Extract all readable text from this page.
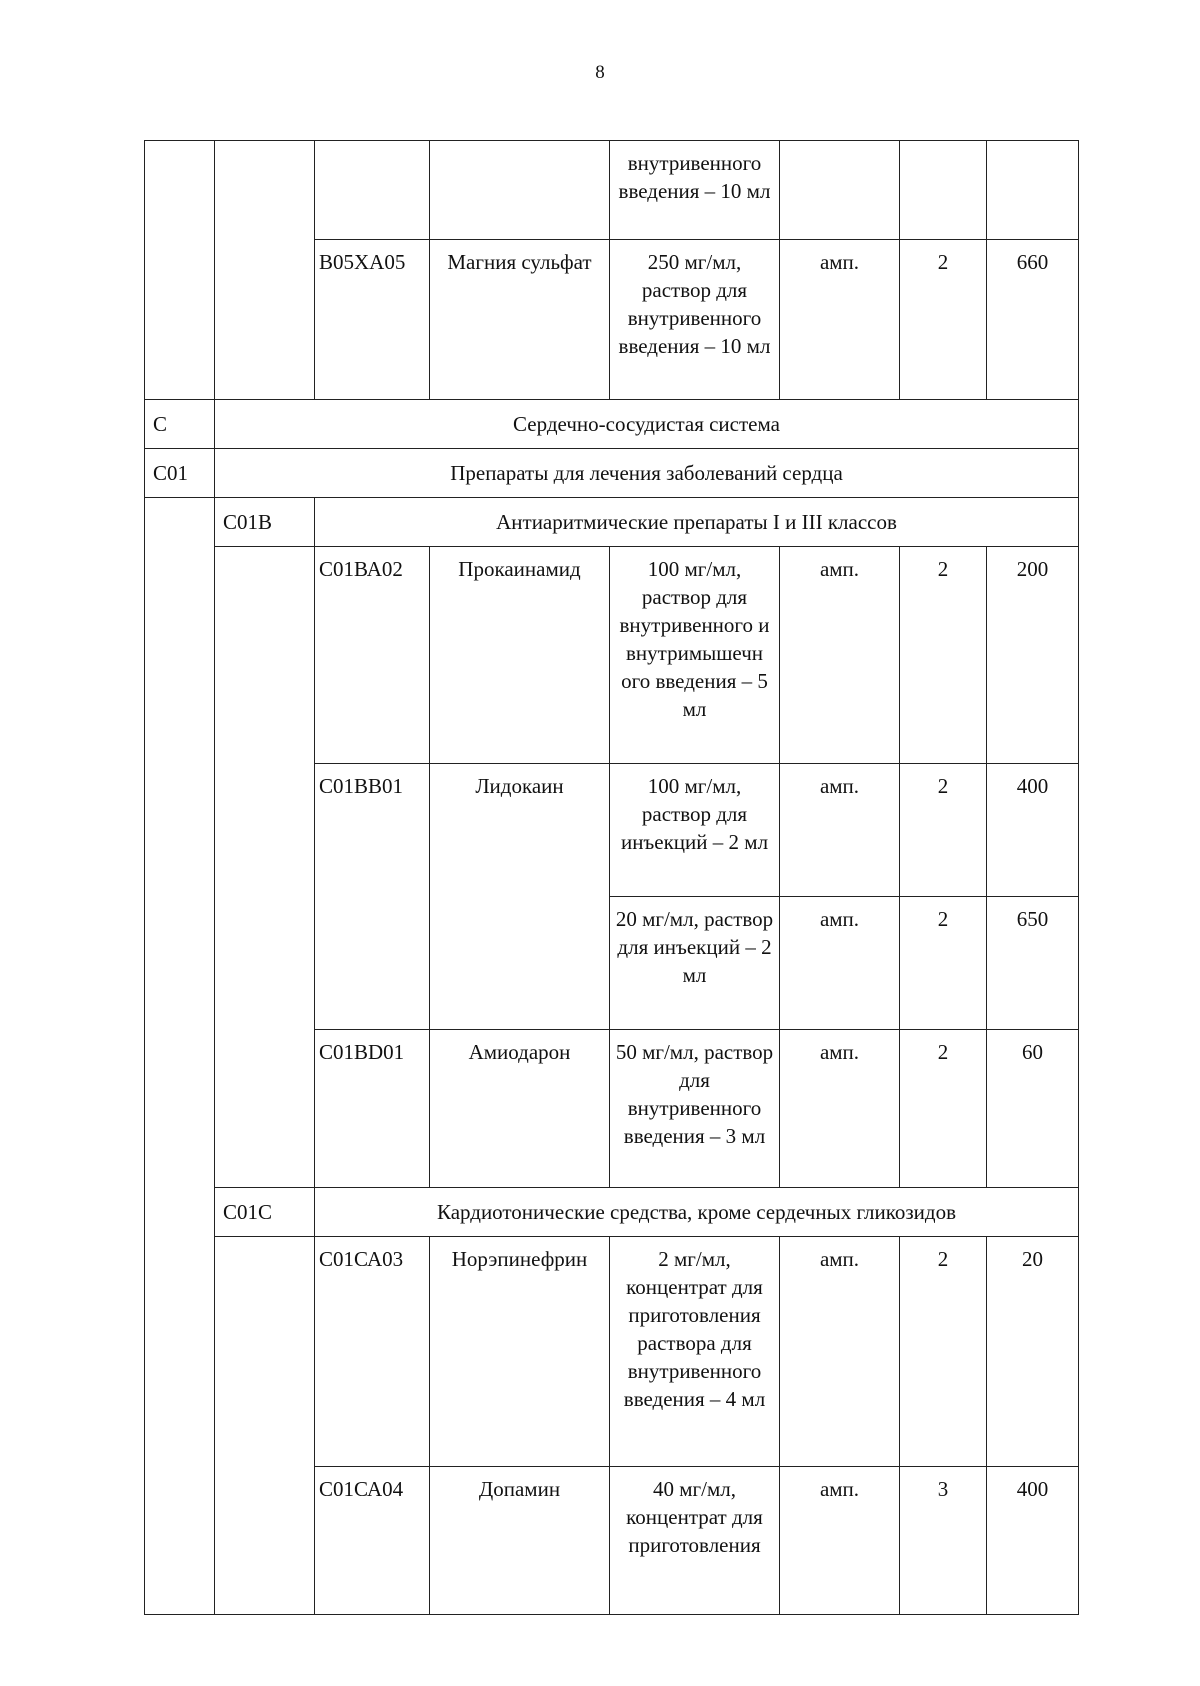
8
				внутривенного введения – 10 мл			
		B05XA05	Магния сульфат	250 мг/мл, раствор для внутривенного введения – 10 мл	амп.	2	660
С	Сердечно-сосудистая система						
С01	Препараты для лечения заболеваний сердца						
	С01В	Антиаритмические препараты I и III классов					
		С01ВА02	Прокаинамид	100 мг/мл, раствор для внутривенного и внутримышечн ого введения – 5 мл	амп.	2	200
		С01ВВ01	Лидокаин	100 мг/мл, раствор для инъекций – 2 мл	амп.	2	400
				20 мг/мл, раствор для инъекций – 2 мл	амп.	2	650
		С01ВD01	Амиодарон	50 мг/мл, раствор для внутривенного введения – 3 мл	амп.	2	60
	С01С	Кардиотонические средства, кроме сердечных гликозидов					
		С01СА03	Норэпинефрин	2 мг/мл, концентрат для приготовления раствора для внутривенного введения – 4 мл	амп.	2	20
		С01СА04	Допамин	40 мг/мл, концентрат для приготовления	амп.	3	400
